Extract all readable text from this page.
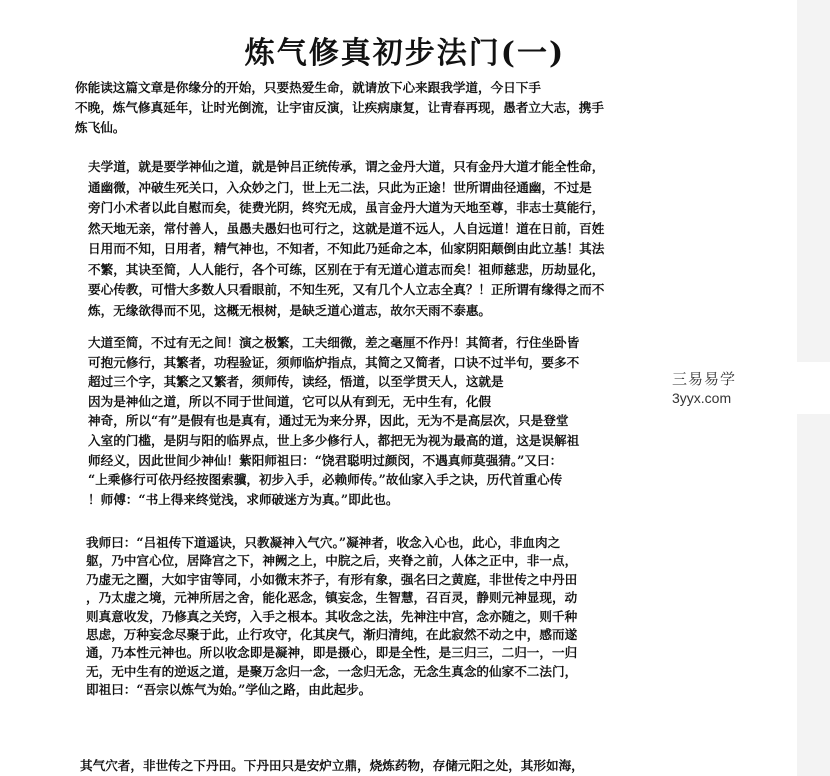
炼气修真初步法门(一)
你能读这篇文章是你缘分的开始，只要热爱生命，就请放下心来跟我学道，今日下手
不晚，炼气修真延年，让时光倒流，让宇宙反演，让疾病康复，让青春再现，愚者立大志，携手
炼飞仙。
夫学道，就是要学神仙之道，就是钟吕正统传承，谓之金丹大道，只有金丹大道才能全性命，
通幽微，冲破生死关口，入众妙之门，世上无二法，只此为正途！世所谓曲径通幽，不过是
旁门小术者以此自慰而矣，徒费光阴，终究无成，虽言金丹大道为天地至尊，非志士莫能行，
然天地无亲，常付善人，虽愚夫愚妇也可行之，这就是道不远人，人自远道！道在日前，百姓
日用而不知，日用者，精气神也，不知者，不知此乃延命之本，仙家阴阳颠倒由此立基！其法
不繁，其诀至简，人人能行，各个可练，区别在于有无道心道志而矣！祖师慈悲，历劫显化，
要心传教，可惜大多数人只看眼前，不知生死，又有几个人立志全真？！正所谓有缘得之而不
炼，无缘欲得而不见，这概无根树，是缺乏道心道志，故尔天雨不泰惠。
大道至简，不过有无之间！演之极繁，工夫细微，差之毫厘不作丹！其简者，行住坐卧皆
可抱元修行，其繁者，功程验证，须师临炉指点，其简之又简者，口诀不过半句，要多不
超过三个字，其繁之又繁者，须师传，读经，悟道，以至学贯天人，这就是
因为是神仙之道，所以不同于世间道，它可以从有到无，无中生有，化假
神奇，所以“有”是假有也是真有，通过无为来分界，因此，无为不是高层次，只是登堂
入室的门槛，是阴与阳的临界点，世上多少修行人，都把无为视为最高的道，这是误解祖
师经义，因此世间少神仙！紫阳师祖曰：“饶君聪明过颜闵，不遇真师莫强猜。”又曰：
“上乘修行可依丹经按图索骥，初步入手，必赖师传。”故仙家入手之诀，历代首重心传
！师傅：“书上得来终觉浅，求师破迷方为真。”即此也。
我师曰：“吕祖传下道遥诀，只教凝神入气穴。”凝神者，收念入心也，此心，非血肉之
躯，乃中宫心位，居降宫之下，神阙之上，中脘之后，夹脊之前，人体之正中，非一点，
乃虚无之圈，大如宇宙等同，小如微末芥子，有形有象，强名曰之黄庭，非世传之中丹田
，乃太虚之境，元神所居之舍，能化恶念，镇妄念，生智慧，召百灵，静则元神显现，动
则真意收发，乃修真之关窍，入手之根本。其收念之法，先神注中宫，念亦随之，则千种
思虑，万种妄念尽聚于此，止行攻守，化其戾气，渐归清纯，在此寂然不动之中，感而遂
通，乃本性元神也。所以收念即是凝神，即是摄心，即是全性，是三归三，二归一，一归
无，无中生有的逆返之道，是聚万念归一念，一念归无念，无念生真念的仙家不二法门，
即祖曰：“吾宗以炼气为始。”学仙之路，由此起步。
其气穴者，非世传之下丹田。下丹田只是安炉立鼎，烧炼药物，存储元阳之处，其形如海，
三易易学
3yyx.com
